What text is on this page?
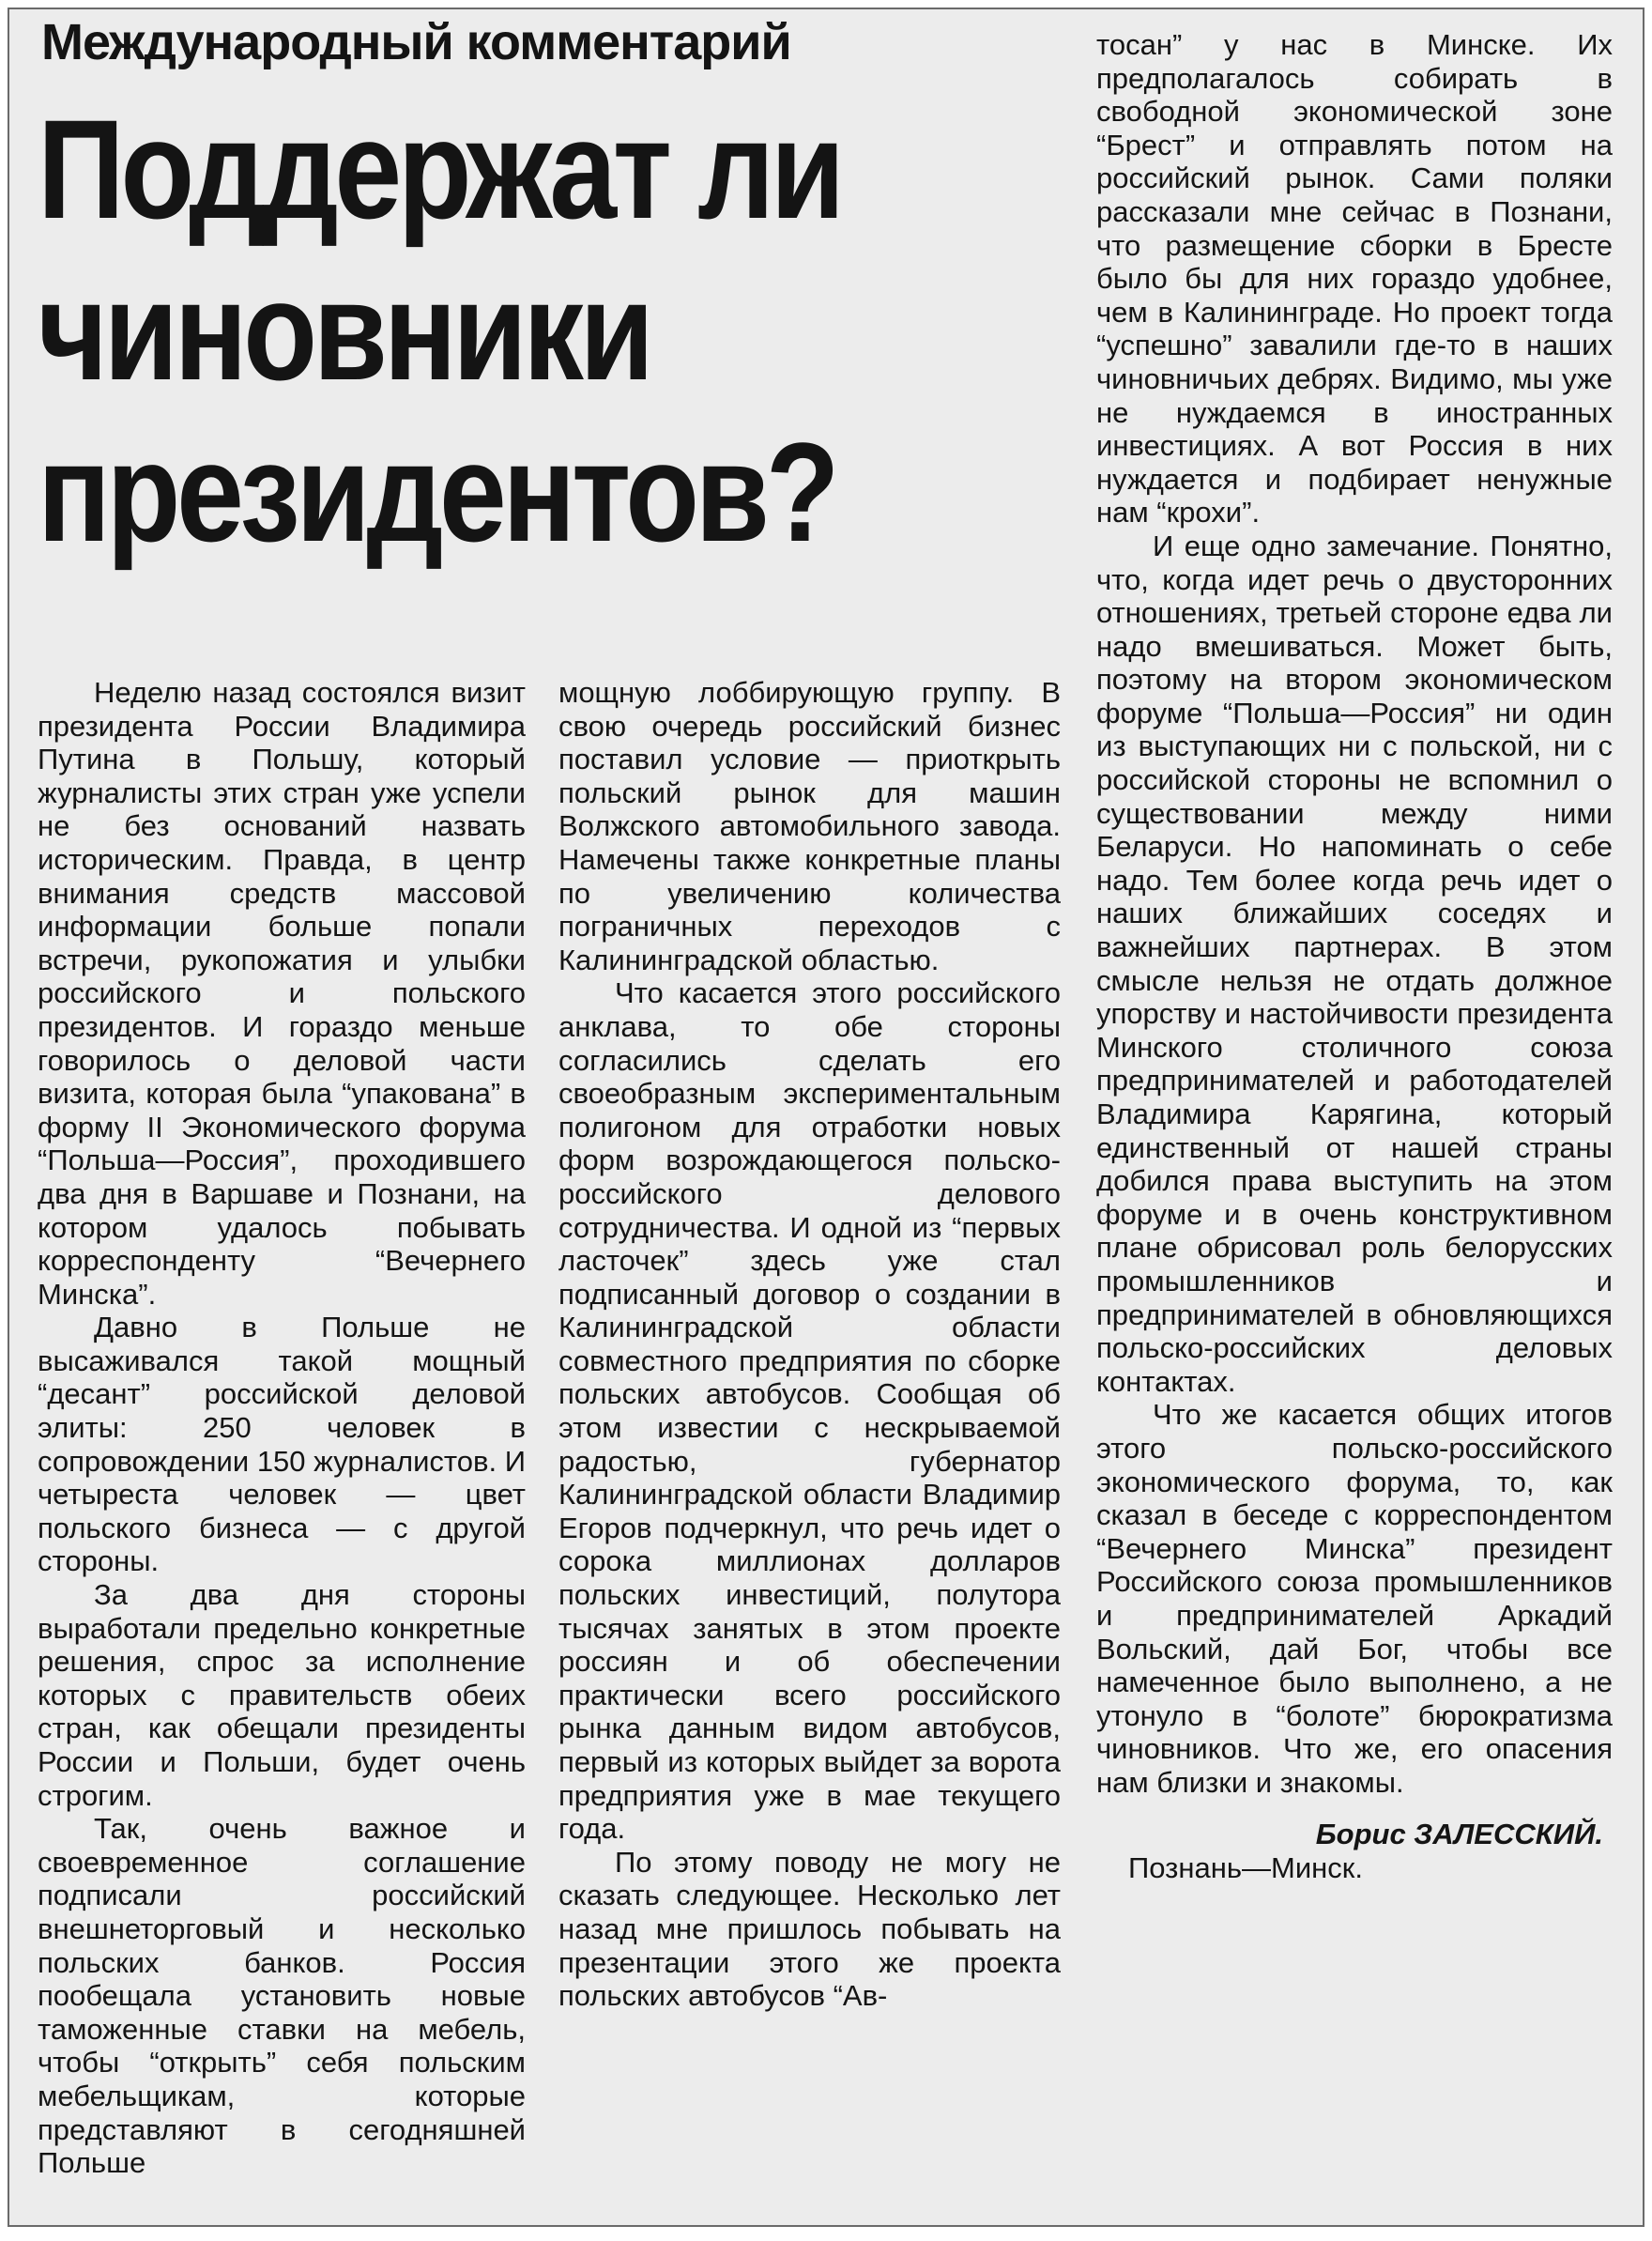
Международный комментарий
Поддержат ли
чиновники
президентов?

Неделю назад состоялся визит президента России Владимира Путина в Польшу, который журналисты этих стран уже успели не без оснований назвать историческим. Правда, в центр внимания средств массовой информации больше попали встречи, рукопожатия и улыбки российского и польского президентов. И гораздо меньше говорилось о деловой части визита, которая была “упакована” в форму II Экономического форума “Польша—Россия”, проходившего два дня в Варшаве и Познани, на котором удалось побывать корреспонденту “Вечернего Минска”.

Давно в Польше не высаживался такой мощный “десант” российской деловой элиты: 250 человек в сопровождении 150 журналистов. И четыреста человек — цвет польского бизнеса — с другой стороны.

За два дня стороны выработали предельно конкретные решения, спрос за исполнение которых с правительств обеих стран, как обещали президенты России и Польши, будет очень строгим.

Так, очень важное и своевременное соглашение подписали российский внешнеторговый и несколько польских банков. Россия пообещала установить новые таможенные ставки на мебель, чтобы “открыть” себя польским мебельщикам, которые представляют в сегодняшней Польше

мощную лоббирующую группу. В свою очередь российский бизнес поставил условие — приоткрыть польский рынок для машин Волжского автомобильного завода. Намечены также конкретные планы по увеличению количества пограничных переходов с Калининградской областью.

Что касается этого российского анклава, то обе стороны согласились сделать его своеобразным экспериментальным полигоном для отработки новых форм возрождающегося польско-российского делового сотрудничества. И одной из “первых ласточек” здесь уже стал подписанный договор о создании в Калининградской области совместного предприятия по сборке польских автобусов. Сообщая об этом известии с нескрываемой радостью, губернатор Калининградской области Владимир Егоров подчеркнул, что речь идет о сорока миллионах долларов польских инвестиций, полутора тысячах занятых в этом проекте россиян и об обеспечении практически всего российского рынка данным видом автобусов, первый из которых выйдет за ворота предприятия уже в мае текущего года.

По этому поводу не могу не сказать следующее. Несколько лет назад мне пришлось побывать на презентации этого же проекта польских автобусов “Ав-

тосан” у нас в Минске. Их предполагалось собирать в свободной экономической зоне “Брест” и отправлять потом на российский рынок. Сами поляки рассказали мне сейчас в Познани, что размещение сборки в Бресте было бы для них гораздо удобнее, чем в Калининграде. Но проект тогда “успешно” завалили где-то в наших чиновничьих дебрях. Видимо, мы уже не нуждаемся в иностранных инвестициях. А вот Россия в них нуждается и подбирает ненужные нам “крохи”.

И еще одно замечание. Понятно, что, когда идет речь о двусторонних отношениях, третьей стороне едва ли надо вмешиваться. Может быть, поэтому на втором экономическом форуме “Польша—Россия” ни один из выступающих ни с польской, ни с российской стороны не вспомнил о существовании между ними Беларуси. Но напоминать о себе надо. Тем более когда речь идет о наших ближайших соседях и важнейших партнерах. В этом смысле нельзя не отдать должное упорству и настойчивости президента Минского столичного союза предпринимателей и работодателей Владимира Карягина, который единственный от нашей страны добился права выступить на этом форуме и в очень конструктивном плане обрисовал роль белорусских промышленников и предпринимателей в обновляющихся польско-российских деловых контактах.

Что же касается общих итогов этого польско-российского экономического форума, то, как сказал в беседе с корреспондентом “Вечернего Минска” президент Российского союза промышленников и предпринимателей Аркадий Вольский, дай Бог, чтобы все намеченное было выполнено, а не утонуло в “болоте” бюрократизма чиновников. Что же, его опасения нам близки и знакомы.

Борис ЗАЛЕССКИЙ.
Познань—Минск.
